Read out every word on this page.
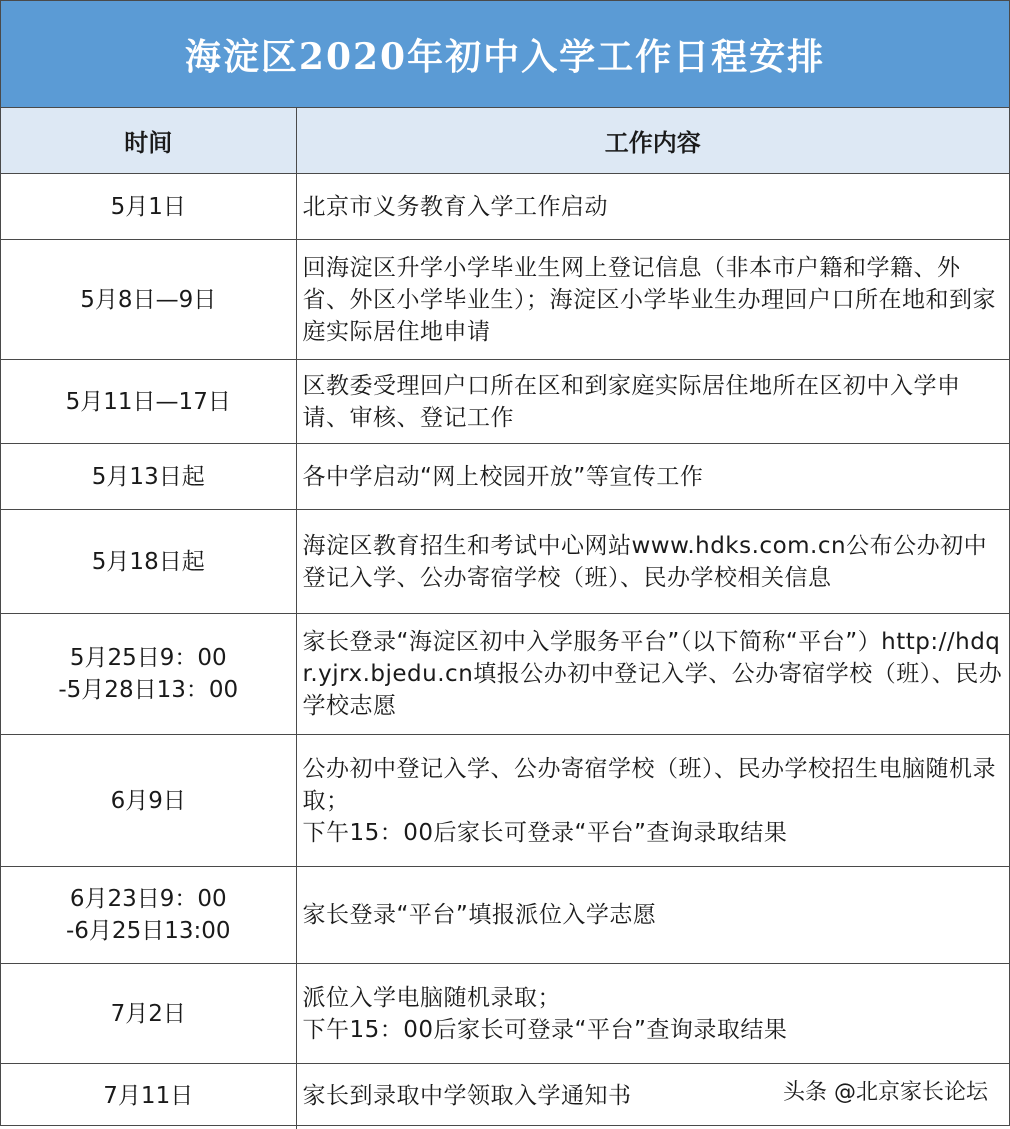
海淀区2020年初中入学工作日程安排
时间	工作内容
5月1日	北京市义务教育入学工作启动
5月8日—9日	回海淀区升学小学毕业生网上登记信息（非本市户籍和学籍、外省、外区小学毕业生）；海淀区小学毕业生办理回户口所在地和到家庭实际居住地申请
5月11日—17日	区教委受理回户口所在区和到家庭实际居住地所在区初中入学申请、审核、登记工作
5月13日起	各中学启动“网上校园开放”等宣传工作
5月18日起	海淀区教育招生和考试中心网站www.hdks.com.cn公布公办初中登记入学、公办寄宿学校（班）、民办学校相关信息
5月25日9：00
-5月28日13：00	家长登录“海淀区初中入学服务平台”（以下简称“平台”）http://hdqr.yjrx.bjedu.cn填报公办初中登记入学、公办寄宿学校（班）、民办学校志愿
6月9日	公办初中登记入学、公办寄宿学校（班）、民办学校招生电脑随机录取；
下午15：00后家长可登录“平台”查询录取结果
6月23日9：00
-6月25日13:00	家长登录“平台”填报派位入学志愿
7月2日	派位入学电脑随机录取；
下午15：00后家长可登录“平台”查询录取结果
7月11日	家长到录取中学领取入学通知书	头条 @北京家长论坛
